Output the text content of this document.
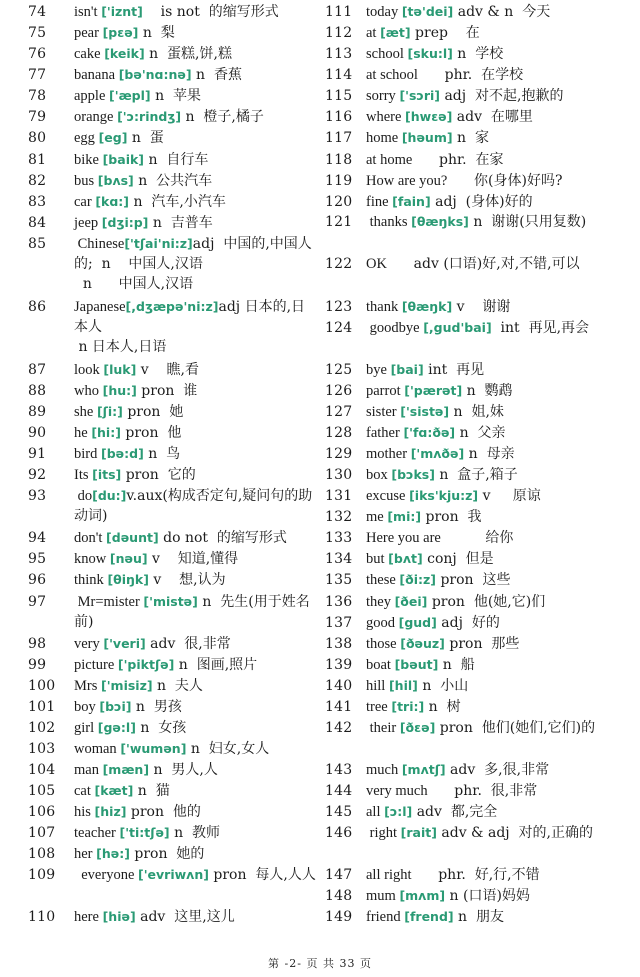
74 isn't ['iznt]    is not  的缩写形式
75 pear [pɛə] n  梨
76 cake [keik] n  蛋糕,饼,糕
77 banana [bə'nɑ:nə] n  香蕉
78 apple ['æpl] n  苹果
79 orange ['ɔ:rindʒ] n  橙子,橘子
80 egg [eg] n  蛋
81 bike [baik] n  自行车
82 bus [bʌs] n  公共汽车
83 car [kɑ:] n  汽车,小汽车
84 jeep [dʒi:p] n  吉普车
85 Chinese['tʃai'ni:z]adj  中国的,中国人的;  n    中国人,汉语
n      中国人,汉语
86 Japanese[,dʒæpə'ni:z]adj 日本的,日本人
n 日本人,日语
87 look [luk] v    瞧,看
88 who [hu:] pron  谁
89 she [ʃi:] pron  她
90 he [hi:] pron  他
91 bird [bə:d] n  鸟
92 Its [its] pron  它的
93 do[du:]v.aux(构成否定句,疑问句的助动词)
94 don't [dəunt] do not  的缩写形式
95 know [nəu] v    知道,懂得
96 think [θiŋk] v    想,认为
97 Mr=mister ['mistə] n  先生(用于姓名前)
98 very ['veri] adv  很,非常
99 picture ['piktʃə] n  图画,照片
100 Mrs ['misiz] n  夫人
101 boy [bɔi] n  男孩
102 girl [gə:l] n  女孩
103 woman ['wumən] n  妇女,女人
104 man [mæn] n  男人,人
105 cat [kæt] n  猫
106 his [hiz] pron  他的
107 teacher ['ti:tʃə] n  教师
108 her [hə:] pron  她的
109 everyone ['evriwʌn] pron  每人,人人
110 here [hiə] adv  这里,这儿
111 today [tə'dei] adv & n  今天
112 at [æt] prep    在
113 school [sku:l] n  学校
114 at school      phr.  在学校
115 sorry ['sɔri] adj  对不起,抱歉的
116 where [hwɛə] adv  在哪里
117 home [həum] n  家
118 at home      phr.  在家
119 How are you?      你(身体)好吗?
120 fine [fain] adj  (身体)好的
121 thanks [θæŋks] n  谢谢(只用复数)
122 OK      adv (口语)好,对,不错,可以
123 thank [θæŋk] v    谢谢
124 goodbye [,gud'bai]  int  再见,再会
125 bye [bai] int  再见
126 parrot ['pærət] n  鹦鹉
127 sister ['sistə] n  姐,妹
128 father ['fɑ:ðə] n  父亲
129 mother ['mʌðə] n  母亲
130 box [bɔks] n  盒子,箱子
131 excuse [iks'kju:z] v     原谅
132 me [mi:] pron  我
133 Here you are          给你
134 but [bʌt] conj  但是
135 these [ði:z] pron  这些
136 they [ðei] pron  他(她,它)们
137 good [gud] adj  好的
138 those [ðəuz] pron  那些
139 boat [bəut] n  船
140 hill [hil] n  小山
141 tree [tri:] n  树
142 their [ðɛə] pron  他们(她们,它们)的
143 much [mʌtʃ] adv  多,很,非常
144 very much      phr.  很,非常
145 all [ɔ:l] adv  都,完全
146 right [rait] adv & adj  对的,正确的
147 all right      phr.  好,行,不错
148 mum [mʌm] n (口语)妈妈
149 friend [frend] n  朋友
第 -2- 页 共 33 页
